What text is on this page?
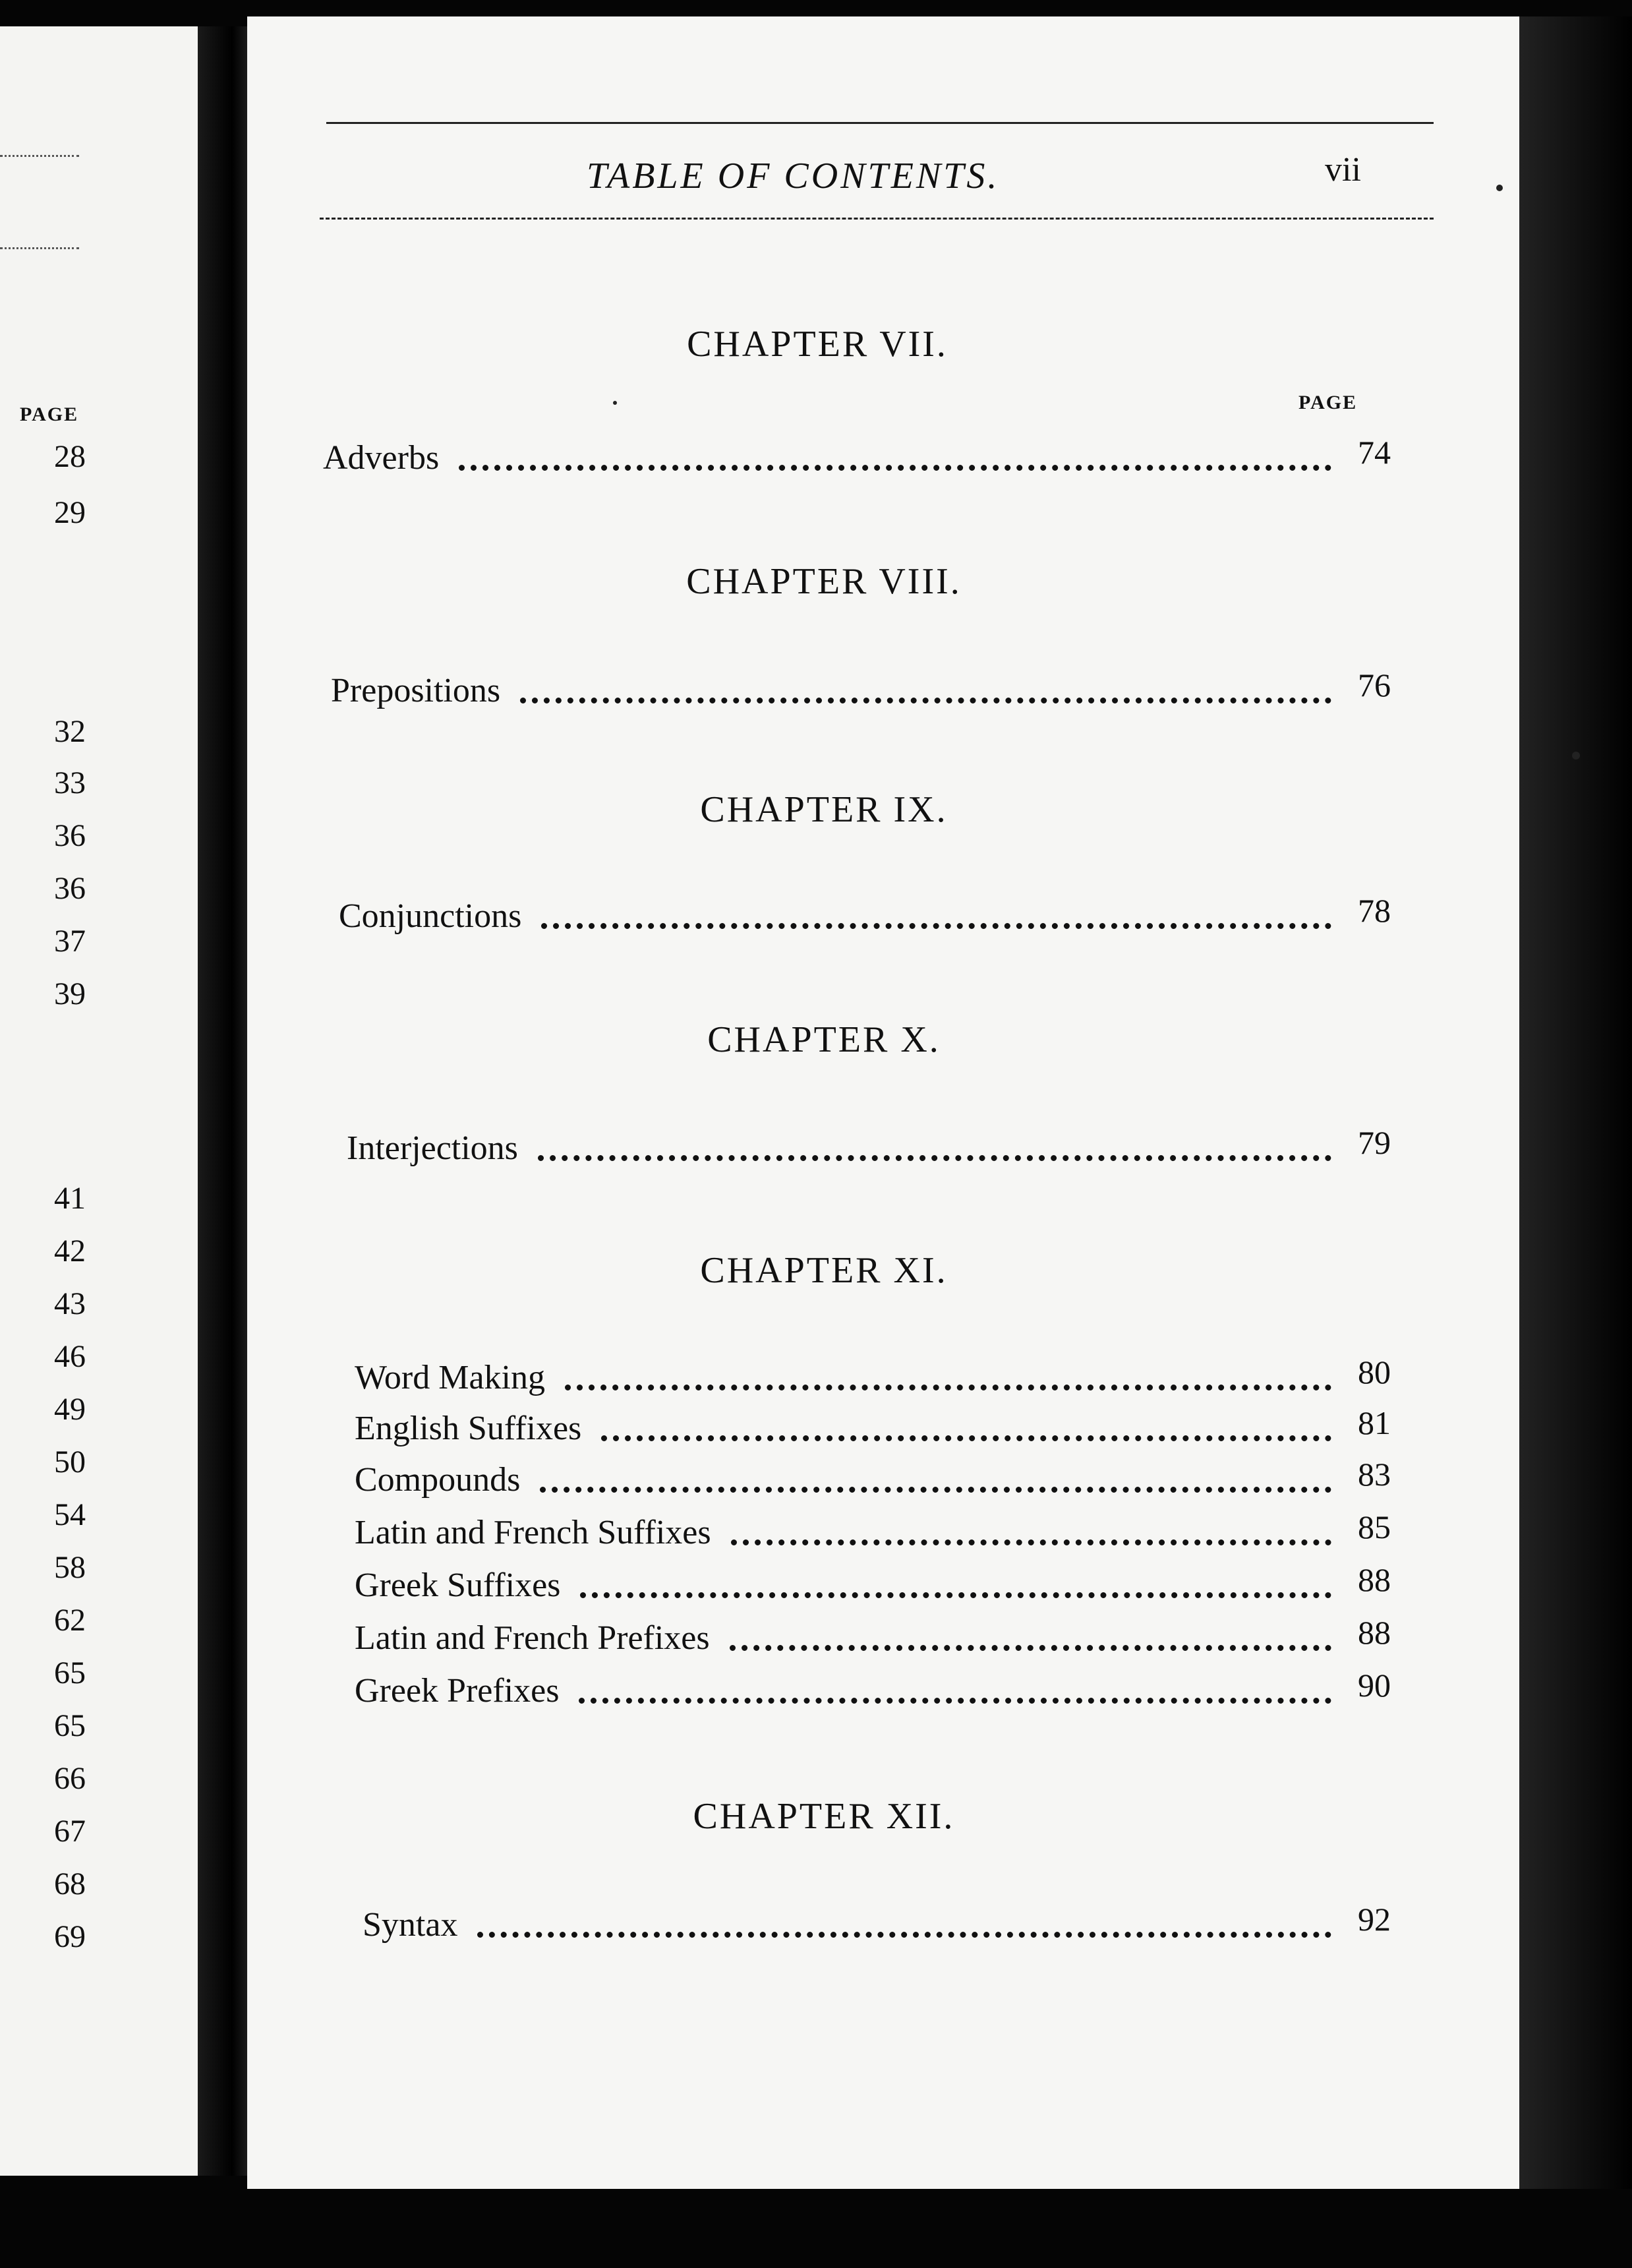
PAGE
28
29
32
33
36
36
37
39
41
42
43
46
49
50
54
58
62
65
65
66
67
68
69
TABLE OF CONTENTS.	vii
PAGE
CHAPTER VII.
Adverbs	74
CHAPTER VIII.
Prepositions	76
CHAPTER IX.
Conjunctions	78
CHAPTER X.
Interjections	79
CHAPTER XI.
Word Making	80
English Suffixes	81
Compounds	83
Latin and French Suffixes	85
Greek Suffixes	88
Latin and French Prefixes	88
Greek Prefixes	90
CHAPTER XII.
Syntax	92
